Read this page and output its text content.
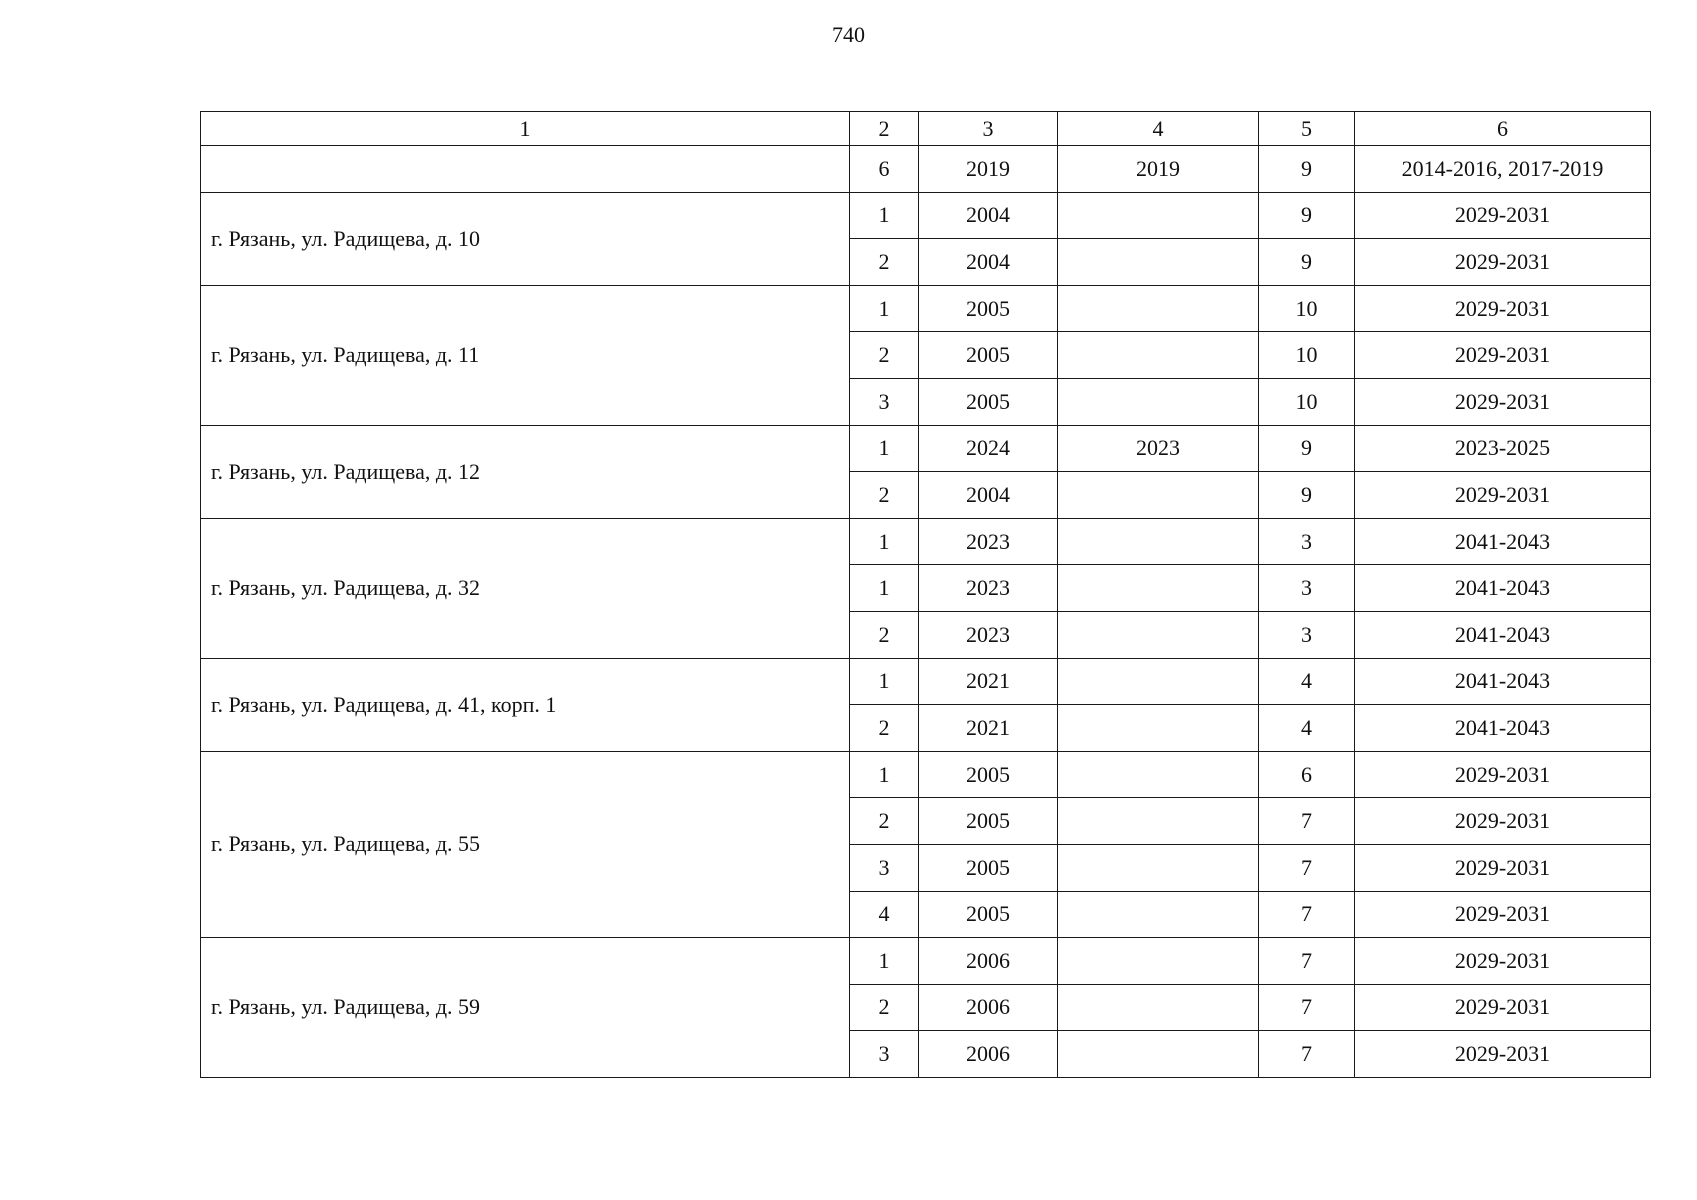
740
1	2	3	4	5	6
	6	2019	2019	9	2014-2016, 2017-2019
г. Рязань, ул. Радищева, д. 10	1	2004		9	2029-2031
	2	2004		9	2029-2031
г. Рязань, ул. Радищева, д. 11	1	2005		10	2029-2031
	2	2005		10	2029-2031
	3	2005		10	2029-2031
г. Рязань, ул. Радищева, д. 12	1	2024	2023	9	2023-2025
	2	2004		9	2029-2031
г. Рязань, ул. Радищева, д. 32	1	2023		3	2041-2043
	1	2023		3	2041-2043
	2	2023		3	2041-2043
г. Рязань, ул. Радищева, д. 41, корп. 1	1	2021		4	2041-2043
	2	2021		4	2041-2043
г. Рязань, ул. Радищева, д. 55	1	2005		6	2029-2031
	2	2005		7	2029-2031
	3	2005		7	2029-2031
	4	2005		7	2029-2031
г. Рязань, ул. Радищева, д. 59	1	2006		7	2029-2031
	2	2006		7	2029-2031
	3	2006		7	2029-2031
